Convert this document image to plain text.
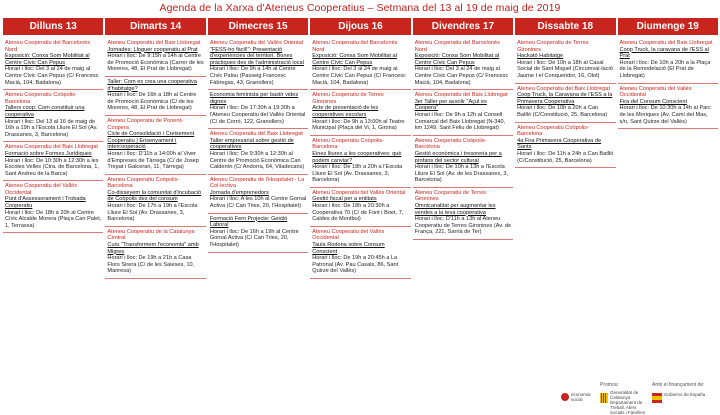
Agenda de la Xarxa d'Ateneus Cooperatius – Setmana del 13 al 19 de maig de 2019
Dilluns 13
Ateneu Cooperatiu del Barcelonès Nord
Exposició: Conxa Som Mobilitat al Centre Cívic Can Pepus
Horari i lloc: Del 3 al 24 de maig al Centre Cívic Can Pepus (C/ Francesc Macià, 104, Badalona)
Ateneu Cooperatiu Coòpolis-Barcelona
Tallers coop: Com constituir una cooperativa
Horari i lloc: Del 13 al 16 de maig de 16h a 19h a l'Escola Lliure El Sol (Av. Drassanes, 3, Barcelona)
Ateneu Cooperatiu del Baix Llobregat
Formació sobre Formes Jurídiques
Horari i lloc: De 10:30h a 12:30h a les Escoles Velles (Ctra. de Barcelona, 1, Sant Andreu de la Barca)
Ateneu Cooperatiu del Vallès Occidental
Punt d'Assessorament i Trobada Cooperatiu
Horari i lloc: De 18h a 20h al Centre Cívic Alcalde Morera (Plaça Can Palet, 1, Terrassa)
Dimarts 14
Ateneu Cooperatiu del Baix Llobregat
Jornades: Lloguer cooperatiu al Prat
Horari i lloc: De 9:15h a 14h al Centre de Promoció Econòmica (Carrer de les Moreres, 48, El Prat de Llobregat)
Taller: Com es crea una cooperativa d'habitatge?
Horari i lloc: De 16h a 18h al Centre de Promoció Econòmica (C/ de les Moreres, 48, El Prat de Llobregat)
Ateneu Cooperatiu de Ponent-Coopera
Cicle de Consolidació i Creixement Cooperatiu | Ensenyament i intercooperació
Horari i lloc: D'11h a 14:00h al Viver d'Empreses de Tàrrega (C/ de Josep Trepat i Galceran, 11, Tàrrega)
Ateneu Cooperatiu Coòpolis-Barcelona
Co-disseyem la comunitat d'incubació de Coòpolis des del consum
Horari i lloc: De 17h a 19h a l'Escola Lliure El Sol (Av. Drassanes, 3, Barcelona)
Ateneu Cooperatiu de la Catalunya Central
Curu "Transformem l'economia" amb Migres
Horari i lloc: De 19h a 21h a Casa Flors Sirera (C/ de les Saleses, 10, Manresa)
Dimecres 15
Ateneu Cooperatiu del Vallès Oriental
"FESS-ho fàcil!": Presentació d'experiències del territori. Bones pràctiques des de l'administració local
Horari i lloc: De 9h a 14h al Centre Cívic Palou (Passeig Francesc Fàbregas, 43, Granollers)
Economia feminista per bastir vides dignes
Horari i lloc: De 17:30h a 19:30h a l'Ateneu Cooperatiu del Vallès Oriental (C/ de Corró, 122, Granollers)
Ateneu Cooperatiu del Baix Llobregat
Taller empresarial sobre gestió de cooperatives
Horari i lloc: De 9:30h a 12:30h al Centre de Promoció Econòmica Can Calderón (C/ Andorra, 64, Viladecans)
Ateneu Cooperatiu de l'Hospitalet - La Col·lectiva
Jornada d'emprenedors
Horari i lloc: A les 10h al Centre Gornal Activa (C/ Can Tries, 20, l'Hospitalet)
Formació Fem Projecte: Gestió Laboral
Horari i lloc: De 16h a 19h al Centre Gornal Activa (C/ Can Tries, 20, l'Hospitalet)
Dijous 16
Ateneu Cooperatiu del Barcelonès Nord
Exposició: Conxa Som Mobilitat al Centre Cívic Can Pepus
Horari i lloc: Del 3 al 24 de maig al Centre Cívic Can Pepus (C/ Francesc Macià, 104, Badalona)
Ateneu Cooperatiu de Terres Gironines
Acte de presentació de les cooperatives escolars
Horari i lloc: De 9h a 13:00h al Teatre Municipal (Plaça del Vi, 1, Girona)
Ateneu Cooperatiu Coòpolis-Barcelona
Eines lliures a les cooperatives: què podem canviar?
Horari i lloc: De 18h a 20h a l'Escola Lliure El Sol (Av. Drassanes, 3, Barcelona)
Ateneu Cooperatiu del Vallès Oriental
Gestió fiscal per a entitats
Horari i lloc: De 18h a 20:30h a Cooperativa 70 (C/ de Font i Boet, 7, Caldes de Montbui)
Ateneu Cooperatiu del Vallès Occidental
Taula Rodona sobre Consum Conscient
Horari i lloc: De 19h a 20:45h a La Patronal (Av. Pau Casals, 86, Sant Quirze del Vallès)
Divendres 17
Ateneu Cooperatiu del Barcelonès Nord
Exposició: Conxa Som Mobilitat al Centre Cívic Can Pepus
Horari i lloc: Del 3 al 24 de maig al Centre Cívic Can Pepus (C/ Francesc Macià, 104, Badalona)
Ateneu Cooperatiu del Baix Llobregat
3er Taller per assolir "Açul es Coopera"
Horari i lloc: De 9h a 12h al Consell Comarcal del Baix Llobregat (N-340, km 1249, Sant Feliu de Llobregat)
Ateneu Cooperatiu Coòpolis-Barcelona
Gestió econòmica i tresoreria per a profans del sector cultural
Horari i lloc: De 10h a 13h a l'Escola Lliure El Sol (Av. de les Drassanes, 3, Barcelona)
Ateneu Cooperatiu de Terres Gironines
Omnicanalitat per augmentar les vendes a la teva cooperativa
Horari i lloc: D'11h a 13h al Ateneu Cooperatiu de Terres Gironines (Av. de França, 221, Sarrià de Ter)
Dissabte 18
Ateneu Cooperatiu de Terres Gironines
Hackató Habitatge
Horari i lloc: De 10h a 18h al Casal Social de Sant Miquel (Circumval·lació Jaume I el Conqueridor, 16, Olot)
Ateneu Cooperatiu del Baix Llobregat
Coop Truck, la Caravana de l'ESS a la Primavera Cooperativa
Horari i lloc: De 10h a 20h a Can Batlló (C/Constitució, 25, Barcelona)
Ateneu Cooperatiu Coòpolis-Barcelona
4a Fira Primavera Cooperativa de Sants
Horari i lloc: De 11h a 24h a Can Batlló (C/Constitució, 25, Barcelona)
Diumenge 19
Ateneu Cooperatiu del Baix Llobregat
Coop Truck, la caravana de l'ESS al Prat
Horari i lloc: De 10h a 20h a la Plaça de la Remodelació (El Prat de Llobregat)
Ateneu Cooperatiu del Vallès Occidental
Fira del Consum Conscient
Horari i lloc: De 10:30h a 14h al Parc de les Moriques (Av. Camí del Mas, s/n, Sant Quirze del Vallès)
Promou:	Amb el finançament de:
economia social
Generalitat de Catalunya Departament de Treball, Afers Socials i Famílies
Gobierno de España
